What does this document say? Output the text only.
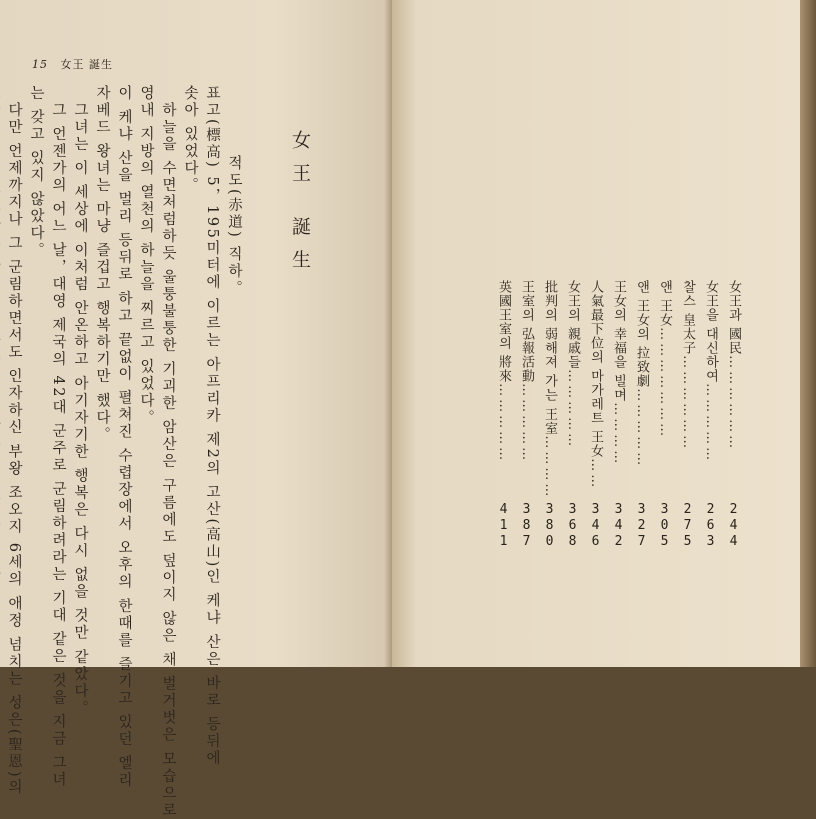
15 女王 誕生
女王 誕生
적도(赤道) 직하。
표고(標高) 5，195미터에 이르는 아프리카 제2의 고산(高山)인 케냐 산은 바로 등뒤에
솟아 있었다。
　하늘을 수면처럼하듯 울퉁불퉁한 기괴한 암산은 구름에도 덮이지 않은 채 벌거벗은 모습으로
영내 지방의 열천의 하늘을 찌르고 있었다。
이 케냐 산을 멀리 등뒤로 하고 끝없이 펼쳐진 수렵장에서 오후의 한때를 즐기고 있던 엘리
자베드 왕녀는 마냥 즐겁고 행복하기만 했다。
　그녀는 이 세상에 이처럼 안온하고 아기자기한 행복은 다시 없을 것만 같았다。
　그 언젠가의 어느 날，대영 제국의 42대 군주로 군림하려라는 기대 같은 것을 지금 그녀
는 갖고 있지 않았다。
　다만 언제까지나 그 군림하면서도 인자하신 부왕 조오지 6세의 애정 넘치는 성은(聖恩)의	女王과 國民………………
2
4
4
女王을 대신하여……………
2
6
3
찰스 皇太子………………
2
7
5
앤 王女…………………
3
0
5
앤 王女의 拉致劇……………
3
2
7
王女의 幸福을 빌며…………
3
4
2
人氣最下位의 마가레트 王女……
3
4
6
女王의 親戚들……………
3
6
8
批判의 弱해져 가는 王室…………
3
8
0
王室의 弘報活動……………
3
8
7
英國王室의 將來……………
4
1
1
